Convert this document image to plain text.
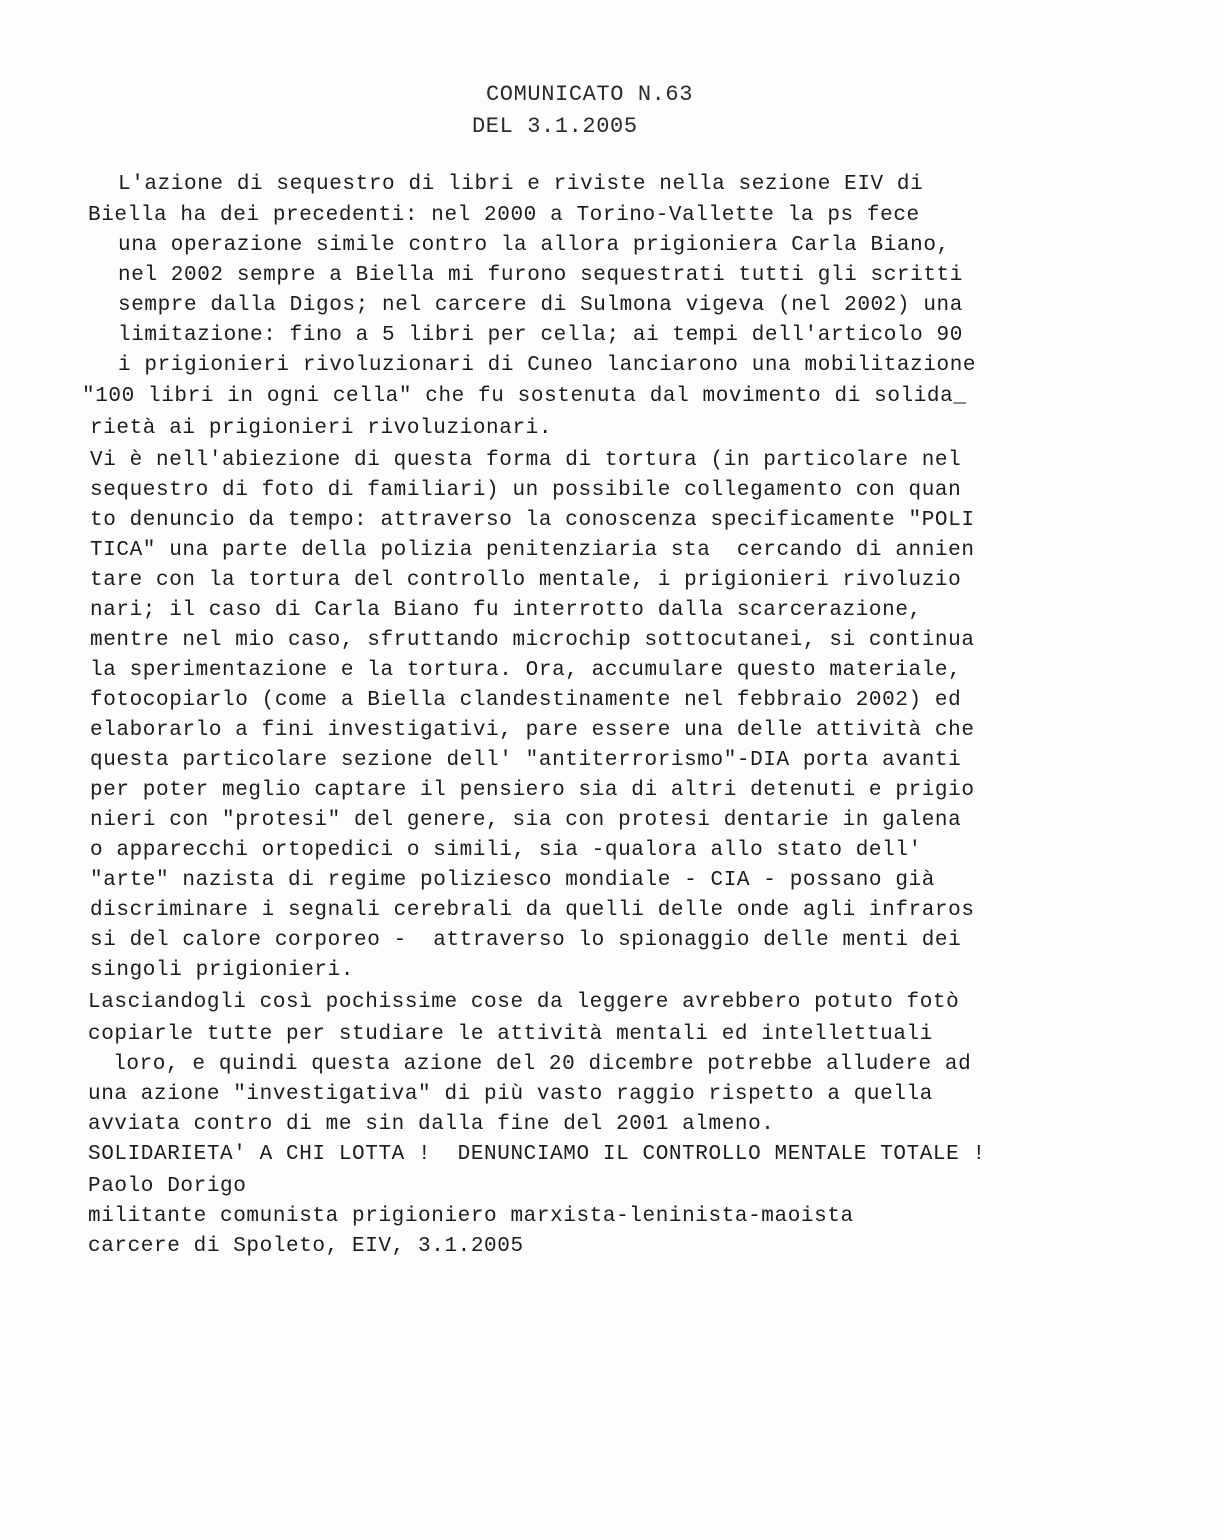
COMUNICATO N.63
DEL 3.1.2005
L'azione di sequestro di libri e riviste nella sezione EIV di
Biella ha dei precedenti: nel 2000 a Torino-Vallette la ps fece
una operazione simile contro la allora prigioniera Carla Biano,
nel 2002 sempre a Biella mi furono sequestrati tutti gli scritti
sempre dalla Digos; nel carcere di Sulmona vigeva (nel 2002) una
limitazione: fino a 5 libri per cella; ai tempi dell'articolo 90
i prigionieri rivoluzionari di Cuneo lanciarono una mobilitazione
"100 libri in ogni cella" che fu sostenuta dal movimento di solida_
rietà ai prigionieri rivoluzionari.
Vi è nell'abiezione di questa forma di tortura (in particolare nel
sequestro di foto di familiari) un possibile collegamento con quan
to denuncio da tempo: attraverso la conoscenza specificamente "POLI
TICA" una parte della polizia penitenziaria sta  cercando di annien
tare con la tortura del controllo mentale, i prigionieri rivoluzio
nari; il caso di Carla Biano fu interrotto dalla scarcerazione,
mentre nel mio caso, sfruttando microchip sottocutanei, si continua
la sperimentazione e la tortura. Ora, accumulare questo materiale,
fotocopiarlo (come a Biella clandestinamente nel febbraio 2002) ed
elaborarlo a fini investigativi, pare essere una delle attività che
questa particolare sezione dell' "antiterrorismo"-DIA porta avanti
per poter meglio captare il pensiero sia di altri detenuti e prigio
nieri con "protesi" del genere, sia con protesi dentarie in galena
o apparecchi ortopedici o simili, sia -qualora allo stato dell'
"arte" nazista di regime poliziesco mondiale - CIA - possano già
discriminare i segnali cerebrali da quelli delle onde agli infraros
si del calore corporeo -  attraverso lo spionaggio delle menti dei
singoli prigionieri.
Lasciandogli così pochissime cose da leggere avrebbero potuto fotò
copiarle tutte per studiare le attività mentali ed intellettuali
loro, e quindi questa azione del 20 dicembre potrebbe alludere ad
una azione "investigativa" di più vasto raggio rispetto a quella
avviata contro di me sin dalla fine del 2001 almeno.
SOLIDARIETA' A CHI LOTTA !  DENUNCIAMO IL CONTROLLO MENTALE TOTALE !
Paolo Dorigo
militante comunista prigioniero marxista-leninista-maoista
carcere di Spoleto, EIV, 3.1.2005
